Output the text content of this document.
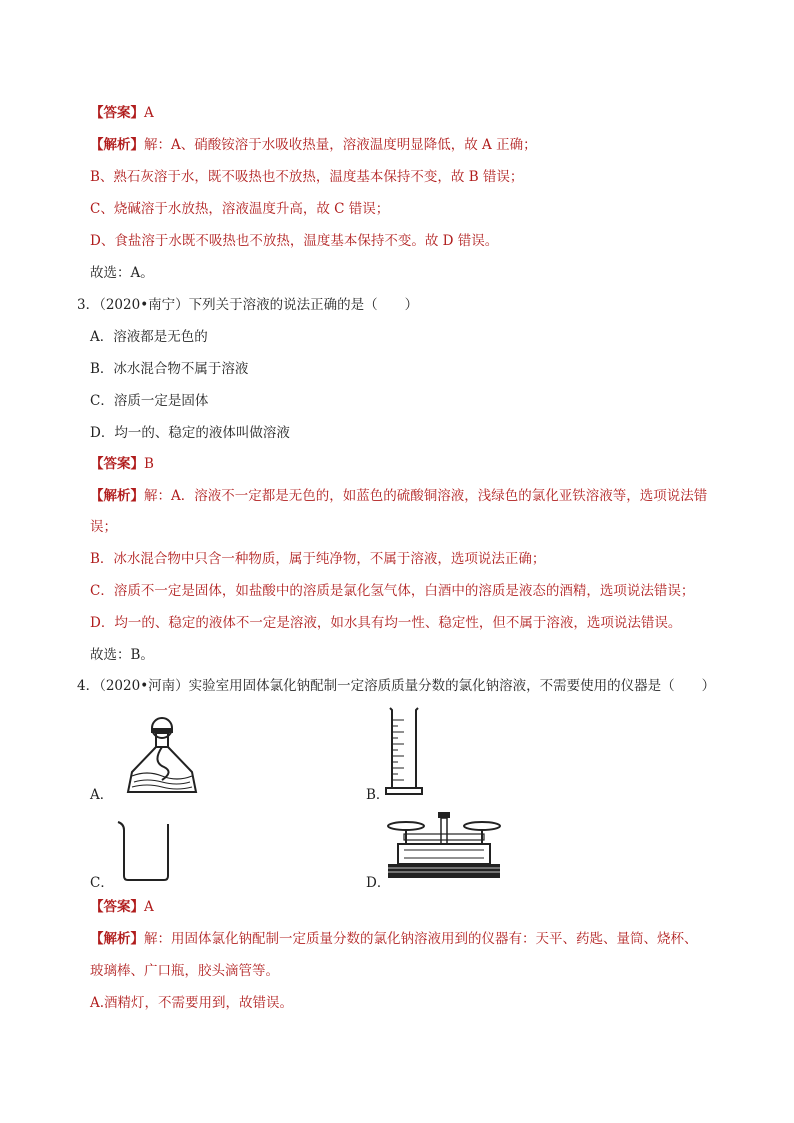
【答案】A
【解析】解：A、硝酸铵溶于水吸收热量，溶液温度明显降低，故 A 正确；
B、熟石灰溶于水，既不吸热也不放热，温度基本保持不变，故 B 错误；
C、烧碱溶于水放热，溶液温度升高，故 C 错误；
D、食盐溶于水既不吸热也不放热，温度基本保持不变。故 D 错误。
故选：A。
3．（2020•南宁）下列关于溶液的说法正确的是（　　）
A．溶液都是无色的
B．冰水混合物不属于溶液
C．溶质一定是固体
D．均一的、稳定的液体叫做溶液
【答案】B
【解析】解：A．溶液不一定都是无色的，如蓝色的硫酸铜溶液，浅绿色的氯化亚铁溶液等，选项说法错
误；
B．冰水混合物中只含一种物质，属于纯净物，不属于溶液，选项说法正确；
C．溶质不一定是固体，如盐酸中的溶质是氯化氢气体，白酒中的溶质是液态的酒精，选项说法错误；
D．均一的、稳定的液体不一定是溶液，如水具有均一性、稳定性，但不属于溶液，选项说法错误。
故选：B。
4．（2020•河南）实验室用固体氯化钠配制一定溶质质量分数的氯化钠溶液，不需要使用的仪器是（　　）
A．	B．
C．	D．
【答案】A
【解析】解：用固体氯化钠配制一定质量分数的氯化钠溶液用到的仪器有：天平、药匙、量筒、烧杯、
玻璃棒、广口瓶，胶头滴管等。
A.酒精灯，不需要用到，故错误。
